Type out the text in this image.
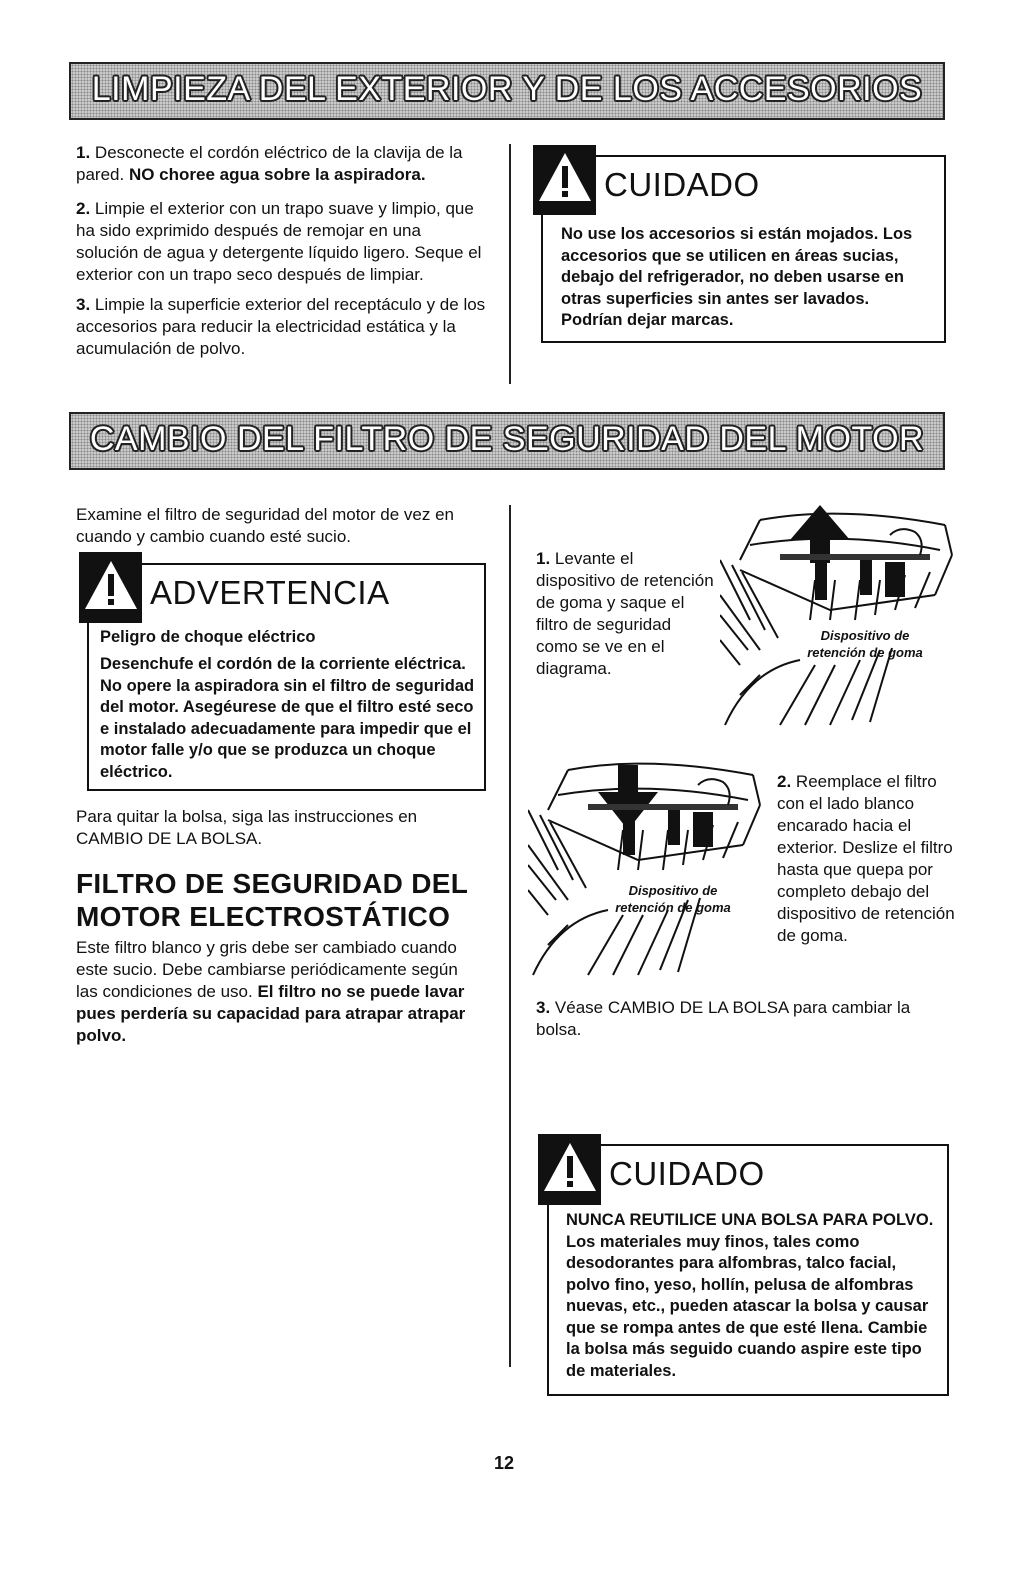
LIMPIEZA DEL EXTERIOR Y DE LOS ACCESORIOS

1. Desconecte el cordón eléctrico de la clavija de la pared. NO choree agua sobre la aspiradora.

2. Limpie el exterior con un trapo suave y limpio, que ha sido exprimido después de remojar en una solución de agua y detergente líquido ligero. Seque el exterior con un trapo seco después de limpiar.

3. Limpie la superficie exterior del receptáculo y de los accesorios para reducir la electricidad estática y la acumulación de polvo.

CUIDADO

No use los accesorios si están mojados. Los accesorios que se utilicen en áreas sucias, debajo del refrigerador, no deben usarse en otras superficies sin antes ser lavados. Podrían dejar marcas.

CAMBIO DEL FILTRO DE SEGURIDAD DEL MOTOR

Examine el filtro de seguridad del motor de vez en cuando y cambio cuando esté sucio.

ADVERTENCIA

Peligro de choque eléctrico

Desenchufe el cordón de la corriente eléctrica. No opere la aspiradora sin el filtro de seguridad del motor. Asegéurese de que el filtro esté seco e instalado adecuadamente para impedir que el motor falle y/o que se produzca un choque eléctrico.

Para quitar la bolsa, siga las instrucciones en CAMBIO DE LA BOLSA.

FILTRO DE SEGURIDAD DEL MOTOR ELECTROSTÁTICO

Este filtro blanco y gris debe ser cambiado cuando este sucio. Debe cambiarse periódicamente según las condiciones de uso. El filtro no se puede lavar pues perdería su capacidad para atrapar atrapar polvo.

1. Levante el dispositivo de retención de goma y saque el filtro de seguridad como se ve en el diagrama.

Dispositivo de
retención de goma
Dispositivo de
retención de goma

2. Reemplace el filtro con el lado blanco encarado hacia el exterior. Deslize el filtro hasta que quepa por completo debajo del dispositivo de retención de goma.

3. Véase CAMBIO DE LA BOLSA para cambiar la bolsa.

CUIDADO

NUNCA REUTILICE UNA BOLSA PARA POLVO. Los materiales muy finos, tales como desodorantes para alfombras, talco facial, polvo fino, yeso, hollín, pelusa de alfombras nuevas, etc., pueden atascar la bolsa y causar que se rompa antes de que esté llena. Cambie la bolsa más seguido cuando aspire este tipo de materiales.

12
